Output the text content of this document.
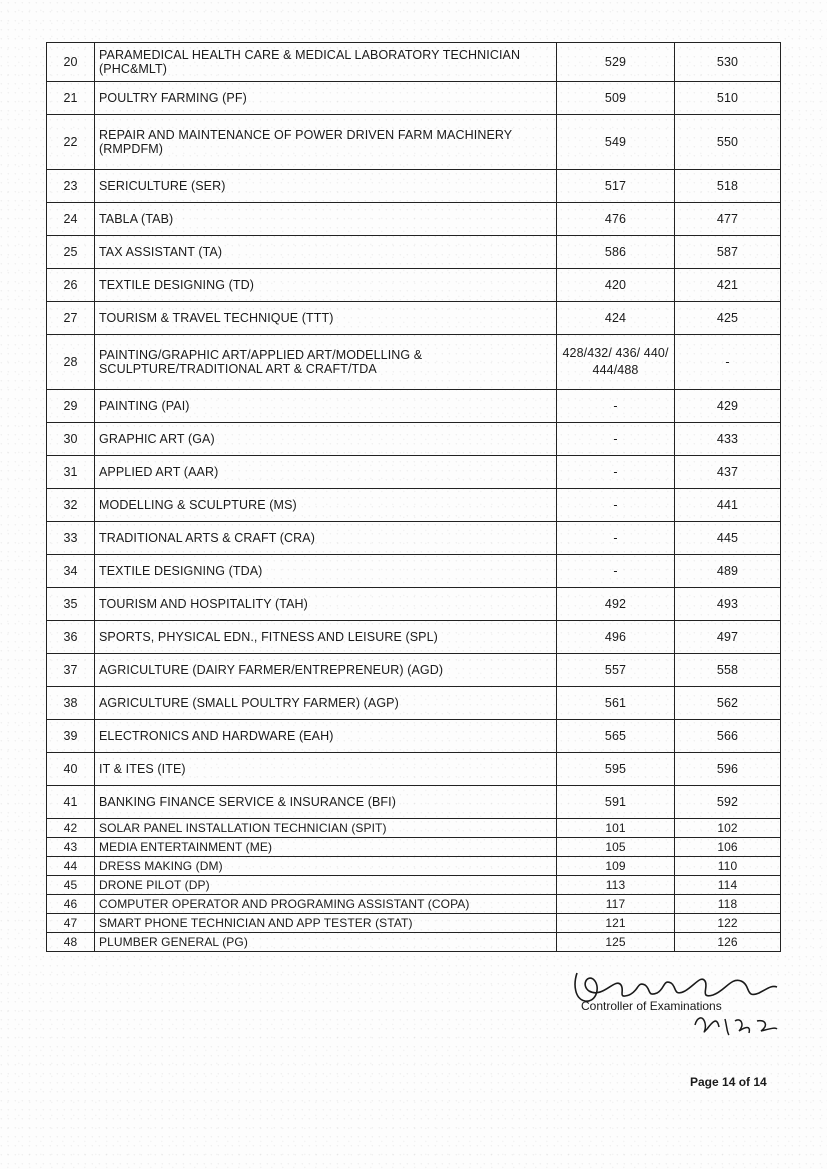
20	PARAMEDICAL HEALTH CARE & MEDICAL LABORATORY TECHNICIAN (PHC&MLT)	529	530
21	POULTRY FARMING (PF)	509	510
22	REPAIR AND MAINTENANCE OF POWER DRIVEN FARM MACHINERY (RMPDFM)	549	550
23	SERICULTURE (SER)	517	518
24	TABLA (TAB)	476	477
25	TAX ASSISTANT (TA)	586	587
26	TEXTILE DESIGNING (TD)	420	421
27	TOURISM & TRAVEL TECHNIQUE (TTT)	424	425
28	PAINTING/GRAPHIC ART/APPLIED ART/MODELLING & SCULPTURE/TRADITIONAL ART & CRAFT/TDA	428/432/ 436/ 440/ 444/488	-
29	PAINTING (PAI)	-	429
30	GRAPHIC ART (GA)	-	433
31	APPLIED ART (AAR)	-	437
32	MODELLING & SCULPTURE (MS)	-	441
33	TRADITIONAL ARTS & CRAFT (CRA)	-	445
34	TEXTILE DESIGNING (TDA)	-	489
35	TOURISM AND HOSPITALITY (TAH)	492	493
36	SPORTS, PHYSICAL EDN., FITNESS AND LEISURE (SPL)	496	497
37	AGRICULTURE (DAIRY FARMER/ENTREPRENEUR) (AGD)	557	558
38	AGRICULTURE (SMALL POULTRY FARMER) (AGP)	561	562
39	ELECTRONICS AND HARDWARE (EAH)	565	566
40	IT & ITES (ITE)	595	596
41	BANKING FINANCE SERVICE & INSURANCE (BFI)	591	592
42	SOLAR PANEL INSTALLATION TECHNICIAN (SPIT)	101	102
43	MEDIA ENTERTAINMENT (ME)	105	106
44	DRESS MAKING (DM)	109	110
45	DRONE PILOT (DP)	113	114
46	COMPUTER OPERATOR AND PROGRAMING ASSISTANT (COPA)	117	118
47	SMART PHONE TECHNICIAN AND APP TESTER (STAT)	121	122
48	PLUMBER GENERAL (PG)	125	126
Controller of Examinations
Page 14 of 14
